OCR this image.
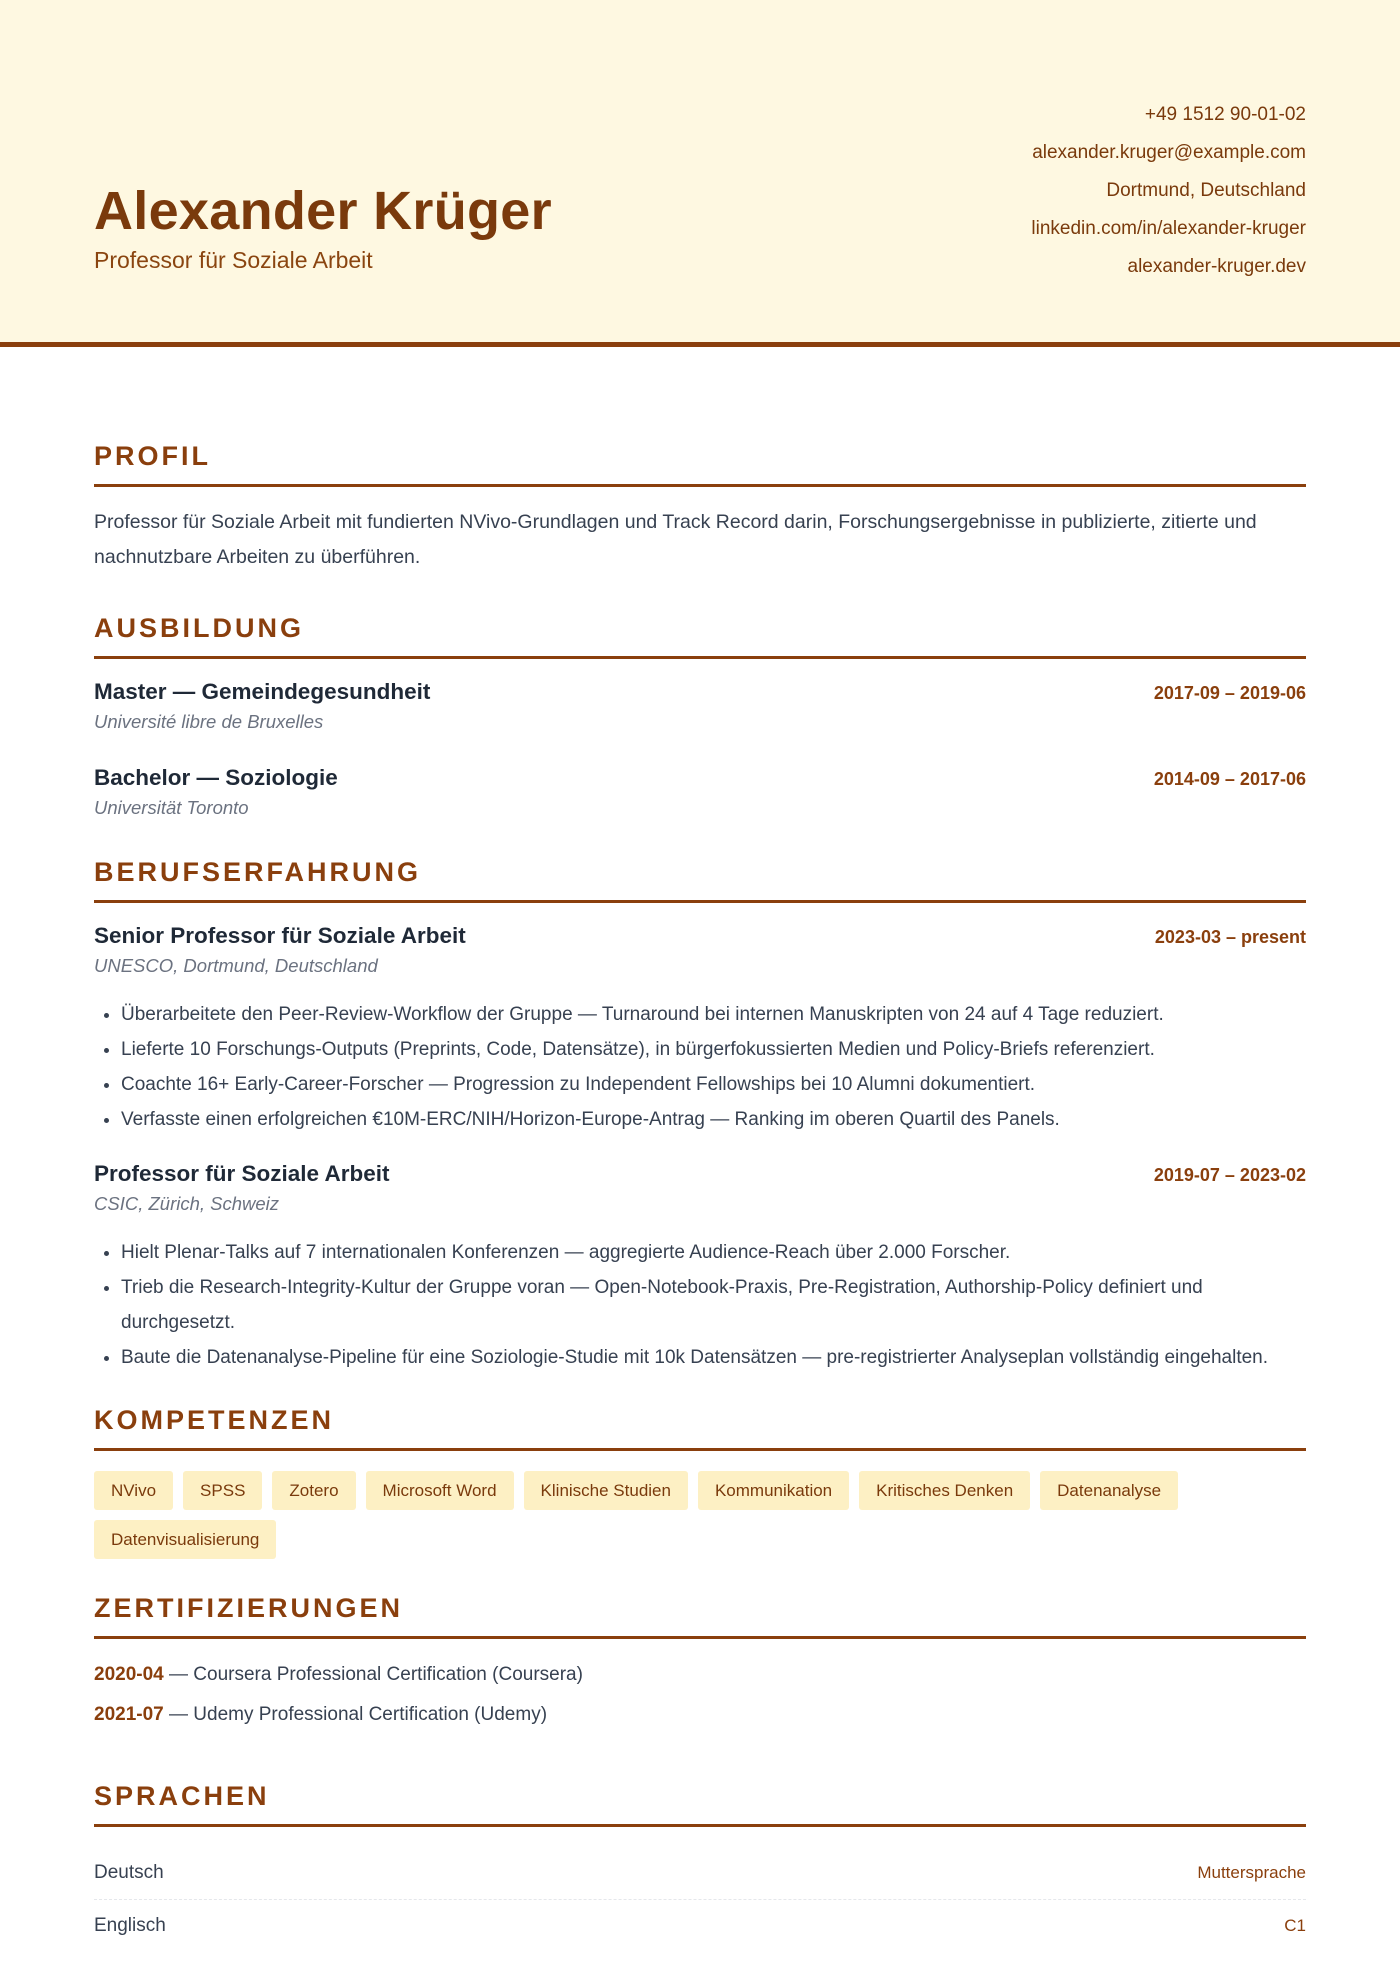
Alexander Krüger
Professor für Soziale Arbeit
+49 1512 90-01-02
alexander.kruger@example.com
Dortmund, Deutschland
linkedin.com/in/alexander-kruger
alexander-kruger.dev
PROFIL

Professor für Soziale Arbeit mit fundierten NVivo-Grundlagen und Track Record darin, Forschungsergebnisse in publizierte, zitierte und nachnutzbare Arbeiten zu überführen.

AUSBILDUNG
Master — Gemeindegesundheit	2017-09 – 2019-06
Université libre de Bruxelles
Bachelor — Soziologie	2014-09 – 2017-06
Universität Toronto
BERUFSERFAHRUNG
Senior Professor für Soziale Arbeit	2023-03 – present
UNESCO, Dortmund, Deutschland
• Überarbeitete den Peer-Review-Workflow der Gruppe — Turnaround bei internen Manuskripten von 24 auf 4 Tage reduziert.
• Lieferte 10 Forschungs-Outputs (Preprints, Code, Datensätze), in bürgerfokussierten Medien und Policy-Briefs referenziert.
• Coachte 16+ Early-Career-Forscher — Progression zu Independent Fellowships bei 10 Alumni dokumentiert.
• Verfasste einen erfolgreichen €10M-ERC/NIH/Horizon-Europe-Antrag — Ranking im oberen Quartil des Panels.
Professor für Soziale Arbeit	2019-07 – 2023-02
CSIC, Zürich, Schweiz
• Hielt Plenar-Talks auf 7 internationalen Konferenzen — aggregierte Audience-Reach über 2.000 Forscher.
• Trieb die Research-Integrity-Kultur der Gruppe voran — Open-Notebook-Praxis, Pre-Registration, Authorship-Policy definiert und durchgesetzt.
• Baute die Datenanalyse-Pipeline für eine Soziologie-Studie mit 10k Datensätzen — pre-registrierter Analyseplan vollständig eingehalten.
KOMPETENZEN
NVivo	SPSS	Zotero	Microsoft Word	Klinische Studien	Kommunikation	Kritisches Denken	Datenanalyse
Datenvisualisierung
ZERTIFIZIERUNGEN
2020-04 — Coursera Professional Certification (Coursera)
2021-07 — Udemy Professional Certification (Udemy)
SPRACHEN
Deutsch	Muttersprache
Englisch	C1
